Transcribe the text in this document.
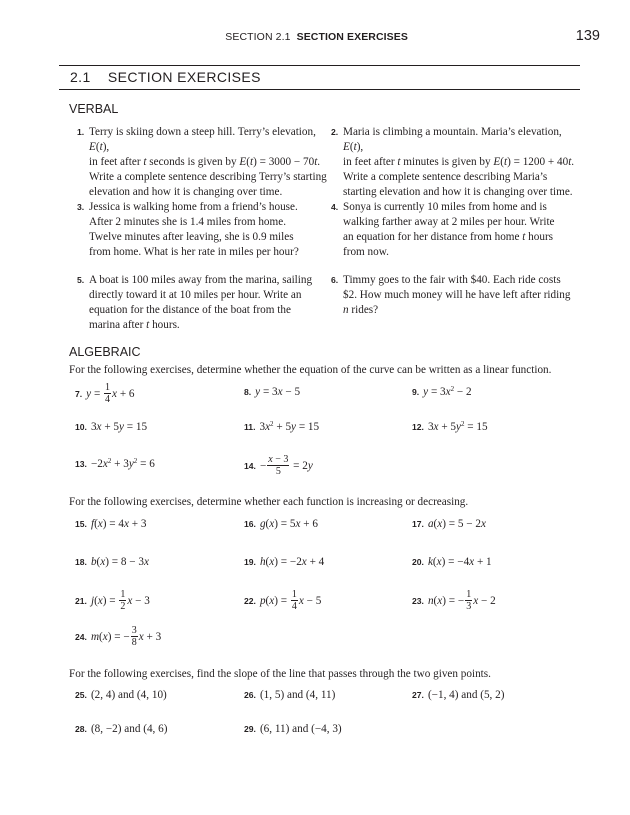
SECTION 2.1 SECTION EXERCISES	139
2.1 SECTION EXERCISES
VERBAL
1. Terry is skiing down a steep hill. Terry’s elevation, E(t),
in feet after t seconds is given by E(t) = 3000 − 70t.
Write a complete sentence describing Terry’s starting
elevation and how it is changing over time.
2. Maria is climbing a mountain. Maria’s elevation, E(t),
in feet after t minutes is given by E(t) = 1200 + 40t.
Write a complete sentence describing Maria’s
starting elevation and how it is changing over time.
3. Jessica is walking home from a friend’s house.
After 2 minutes she is 1.4 miles from home.
Twelve minutes after leaving, she is 0.9 miles
from home. What is her rate in miles per hour?
4. Sonya is currently 10 miles from home and is
walking farther away at 2 miles per hour. Write
an equation for her distance from home t hours
from now.
5. A boat is 100 miles away from the marina, sailing
directly toward it at 10 miles per hour. Write an
equation for the distance of the boat from the
marina after t hours.
6. Timmy goes to the fair with $40. Each ride costs
$2. How much money will he have left after riding
n rides?
ALGEBRAIC
For the following exercises, determine whether the equation of the curve can be written as a linear function.
7. $y = \frac{1}{4}$ x + 6	8. y = 3x − 5	9. $y = 3x^2 - 2$
10. 3x + 5y = 15	11. $3x^2 + 5y = 15$	12. $3x + 5y^2 = 15$
13. $-2x^2 + 3y^2 = 6$	14. − $\frac{x - 3}{5} = 2y$
For the following exercises, determine whether each function is increasing or decreasing.
15. f(x) = 4x + 3	16. g(x) = 5x + 6	17. a(x) = 5 − 2x
18. b(x) = 8 − 3x	19. h(x) = −2x + 4	20. k(x) = −4x + 1
21. $j(x) = \frac{1}{2}$ x − 3	22. $p(x) = \frac{1}{4}$ x − 5	23. n(x) = − $\frac{1}{3}$ x − 2
24. m(x) = − $\frac{3}{8}$ x + 3
For the following exercises, find the slope of the line that passes through the two given points.
25. (2, 4) and (4, 10)	26. (1, 5) and (4, 11)	27. (−1, 4) and (5, 2)
28. (8, −2) and (4, 6)	29. (6, 11) and (−4, 3)
